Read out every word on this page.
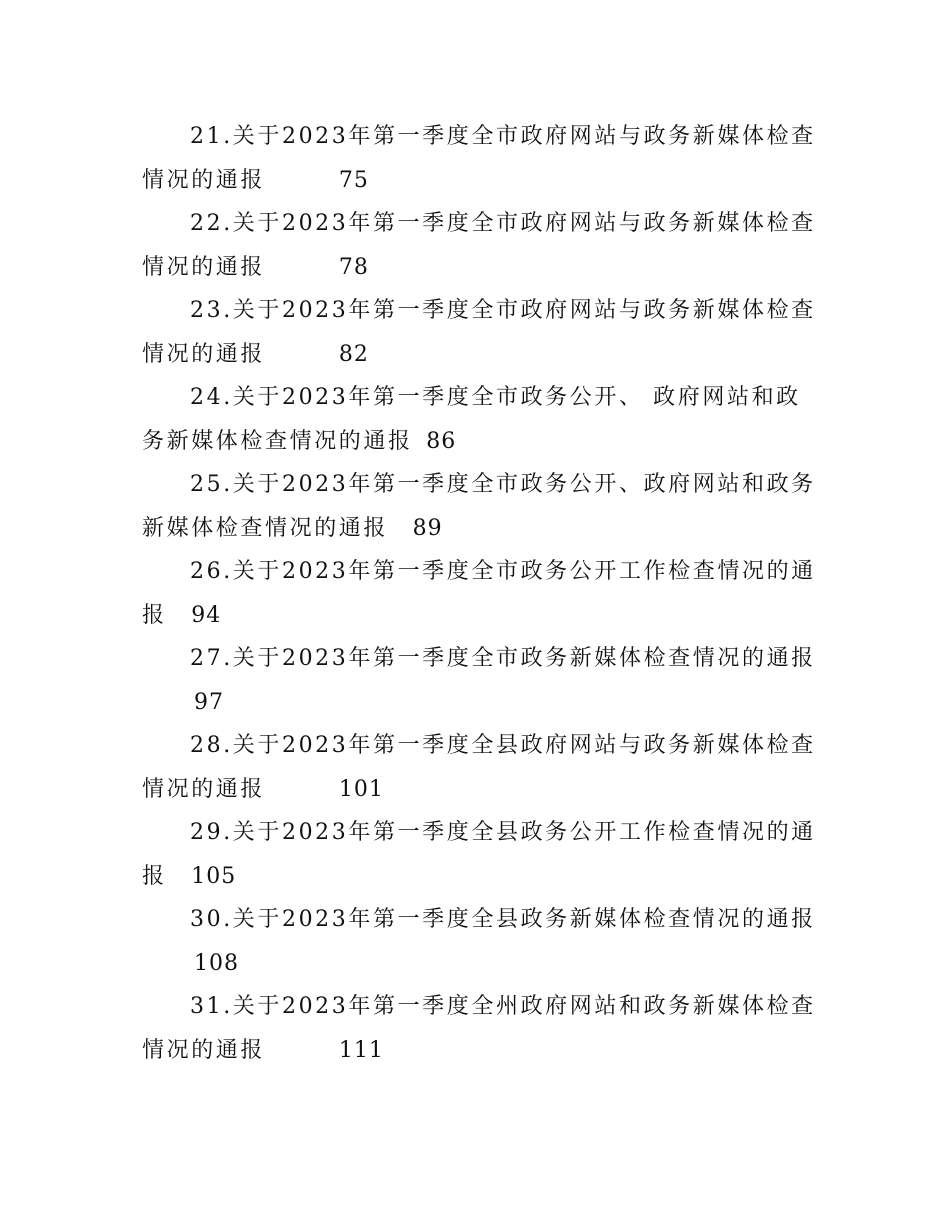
21.关于2023年第一季度全市政府网站与政务新媒体检查
情况的通报   	75
22.关于2023年第一季度全市政府网站与政务新媒体检查
情况的通报   	78
23.关于2023年第一季度全市政府网站与政务新媒体检查
情况的通报   	82
24.关于2023年第一季度全市政务公开、 政府网站和政
务新媒体检查情况的通报  86
25.关于2023年第一季度全市政务公开、政府网站和政务
新媒体检查情况的通报  89
26.关于2023年第一季度全市政务公开工作检查情况的通
报  94
27.关于2023年第一季度全市政务新媒体检查情况的通报
97
28.关于2023年第一季度全县政府网站与政务新媒体检查
情况的通报   	101
29.关于2023年第一季度全县政务公开工作检查情况的通
报  105
30.关于2023年第一季度全县政务新媒体检查情况的通报
108
31.关于2023年第一季度全州政府网站和政务新媒体检查
情况的通报   	111
